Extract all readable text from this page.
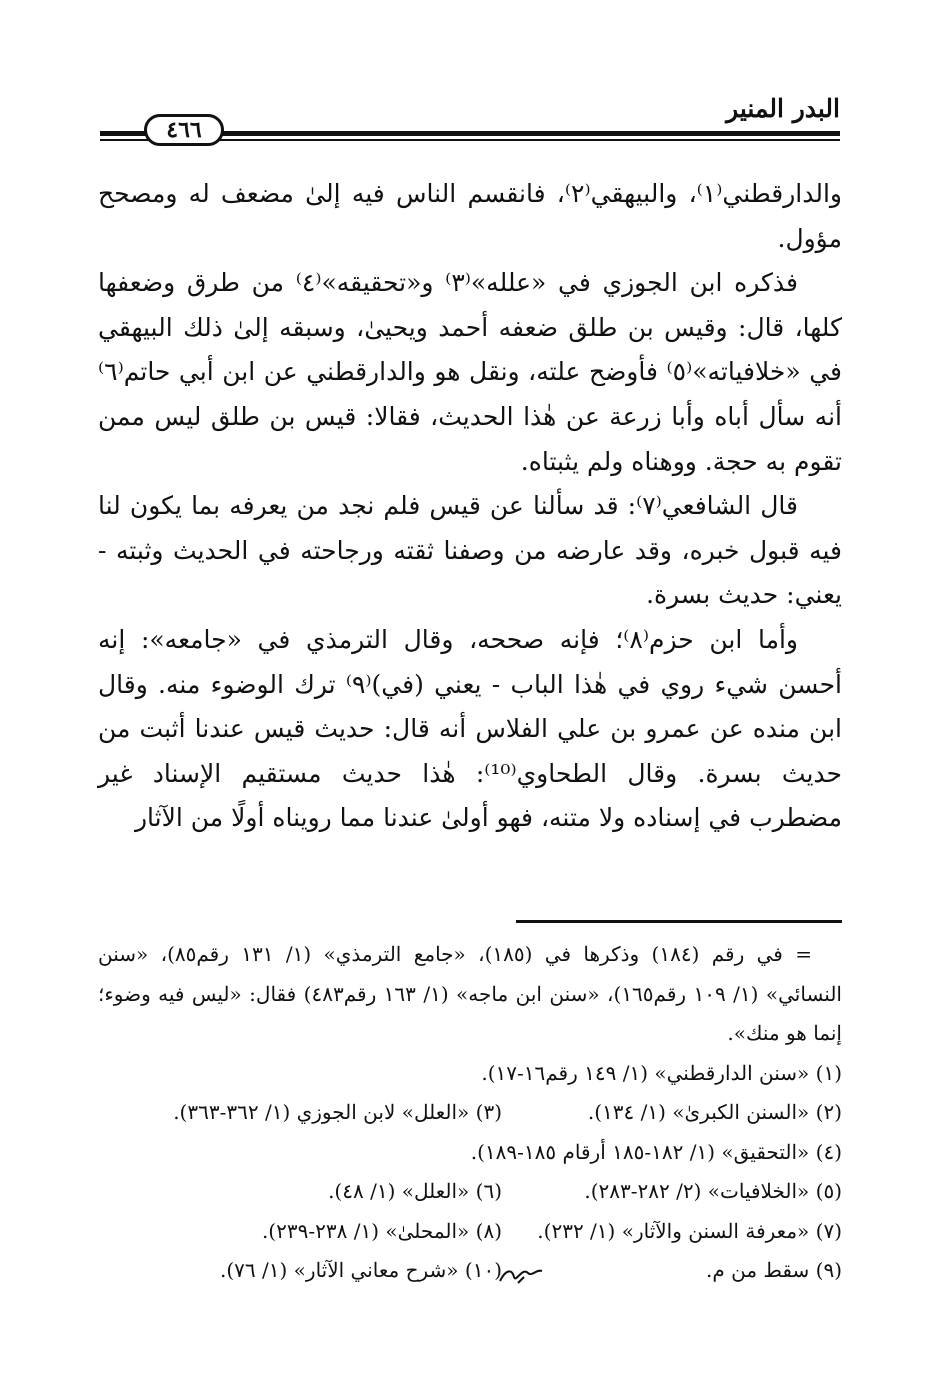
البدر المنير
٤٦٦

والدارقطني⁽١⁾، والبيهقي⁽٢⁾، فانقسم الناس فيه إلىٰ مضعف له ومصحح مؤول.

فذكره ابن الجوزي في «علله»⁽٣⁾ و«تحقيقه»⁽٤⁾ من طرق وضعفها كلها، قال: وقيس بن طلق ضعفه أحمد ويحيىٰ، وسبقه إلىٰ ذلك البيهقي في «خلافياته»⁽٥⁾ فأوضح علته، ونقل هو والدارقطني عن ابن أبي حاتم⁽٦⁾ أنه سأل أباه وأبا زرعة عن هٰذا الحديث، فقالا: قيس بن طلق ليس ممن تقوم به حجة. ووهناه ولم يثبتاه.

قال الشافعي⁽٧⁾: قد سألنا عن قيس فلم نجد من يعرفه بما يكون لنا فيه قبول خبره، وقد عارضه من وصفنا ثقته ورجاحته في الحديث وثبته - يعني: حديث بسرة.

وأما ابن حزم⁽٨⁾؛ فإنه صححه، وقال الترمذي في «جامعه»: إنه أحسن شيء روي في هٰذا الباب - يعني (في)⁽٩⁾ ترك الوضوء منه. وقال ابن منده عن عمرو بن علي الفلاس أنه قال: حديث قيس عندنا أثبت من حديث بسرة. وقال الطحاوي⁽¹⁰⁾: هٰذا حديث مستقيم الإسناد غير مضطرب في إسناده ولا متنه، فهو أولىٰ عندنا مما رويناه أولًا من الآثار

= في رقم (١٨٤) وذكرها في (١٨٥)، «جامع الترمذي» (١/ ١٣١ رقم٨٥)، «سنن النسائي» (١/ ١٠٩ رقم١٦٥)، «سنن ابن ماجه» (١/ ١٦٣ رقم٤٨٣) فقال: «ليس فيه وضوء؛ إنما هو منك».

(١) «سنن الدارقطني» (١/ ١٤٩ رقم١٦-١٧).
(٢) «السنن الكبرىٰ» (١/ ١٣٤).
(٣) «العلل» لابن الجوزي (١/ ٣٦٢-٣٦٣).
(٤) «التحقيق» (١/ ١٨٢-١٨٥ أرقام ١٨٥-١٨٩).
(٥) «الخلافيات» (٢/ ٢٨٢-٢٨٣).
(٦) «العلل» (١/ ٤٨).
(٧) «معرفة السنن والآثار» (١/ ٢٣٢).
(٨) «المحلىٰ» (١/ ٢٣٨-٢٣٩).
(٩) سقط من م.
(١٠) «شرح معاني الآثار» (١/ ٧٦).
